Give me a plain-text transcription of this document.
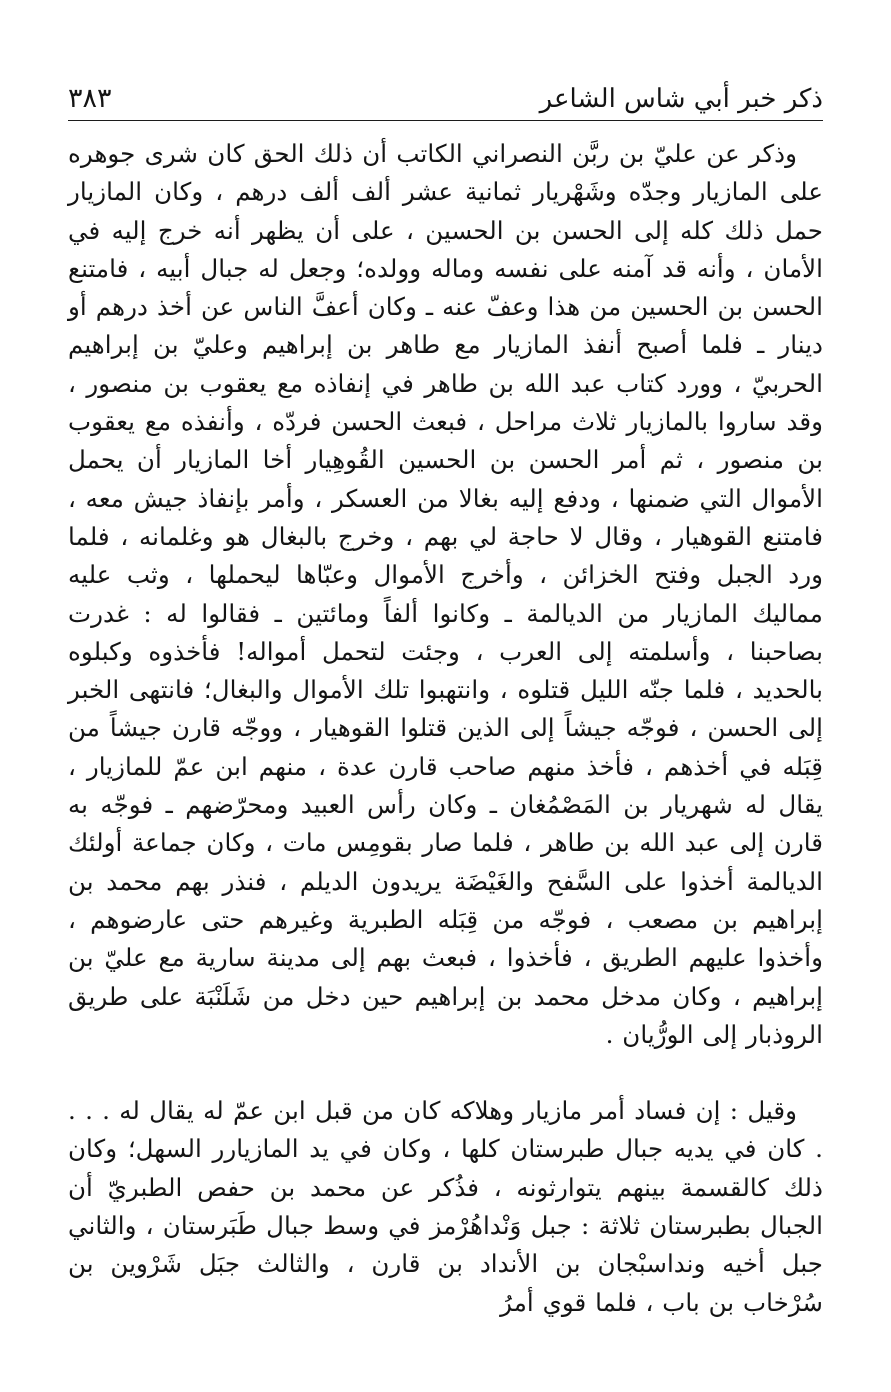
ذكر خبر أبي شاس الشاعر
٣٨٣

وذكر عن عليّ بن ربَّن النصراني الكاتب أن ذلك الحق كان شرى جوهره على المازيار وجدّه وشَهْريار ثمانية عشر ألف ألف درهم ، وكان المازيار حمل ذلك كله إلى الحسن بن الحسين ، على أن يظهر أنه خرج إليه في الأمان ، وأنه قد آمنه على نفسه وماله وولده؛ وجعل له جبال أبيه ، فامتنع الحسن بن الحسين من هذا وعفّ عنه ـ وكان أعفَّ الناس عن أخذ درهم أو دينار ـ فلما أصبح أنفذ المازيار مع طاهر بن إبراهيم وعليّ بن إبراهيم الحربيّ ، وورد كتاب عبد الله بن طاهر في إنفاذه مع يعقوب بن منصور ، وقد ساروا بالمازيار ثلاث مراحل ، فبعث الحسن فردّه ، وأنفذه مع يعقوب بن منصور ، ثم أمر الحسن بن الحسين القُوهِيار أخا المازيار أن يحمل الأموال التي ضمنها ، ودفع إليه بغالا من العسكر ، وأمر بإنفاذ جيش معه ، فامتنع القوهيار ، وقال لا حاجة لي بهم ، وخرج بالبغال هو وغلمانه ، فلما ورد الجبل وفتح الخزائن ، وأخرج الأموال وعبّاها ليحملها ، وثب عليه مماليك المازيار من الديالمة ـ وكانوا ألفاً ومائتين ـ فقالوا له : غدرت بصاحبنا ، وأسلمته إلى العرب ، وجئت لتحمل أمواله! فأخذوه وكبلوه بالحديد ، فلما جنّه الليل قتلوه ، وانتهبوا تلك الأموال والبغال؛ فانتهى الخبر إلى الحسن ، فوجّه جيشاً إلى الذين قتلوا القوهيار ، ووجّه قارن جيشاً من قِبَله في أخذهم ، فأخذ منهم صاحب قارن عدة ، منهم ابن عمّ للمازيار ، يقال له شهريار بن المَصْمُغان ـ وكان رأس العبيد ومحرّضهم ـ فوجّه به قارن إلى عبد الله بن طاهر ، فلما صار بقومِس مات ، وكان جماعة أولئك الديالمة أخذوا على السَّفح والغَيْضَة يريدون الديلم ، فنذر بهم محمد بن إبراهيم بن مصعب ، فوجّه من قِبَله الطبرية وغيرهم حتى عارضوهم ، وأخذوا عليهم الطريق ، فأخذوا ، فبعث بهم إلى مدينة سارية مع عليّ بن إبراهيم ، وكان مدخل محمد بن إبراهيم حين دخل من شَلَنْبَة على طريق الروذبار إلى الورُّيان .

وقيل : إن فساد أمر مازيار وهلاكه كان من قبل ابن عمّ له يقال له . . . . كان في يديه جبال طبرستان كلها ، وكان في يد المازيارر السهل؛ وكان ذلك كالقسمة بينهم يتوارثونه ، فذُكر عن محمد بن حفص الطبريّ أن الجبال بطبرستان ثلاثة : جبل وَنْداهُرْمز في وسط جبال طَبَرستان ، والثاني جبل أخيه ونداسبْجان بن الأنداد بن قارن ، والثالث جبَل شَرْوين بن سُرْخاب بن باب ، فلما قوي أمرُ
